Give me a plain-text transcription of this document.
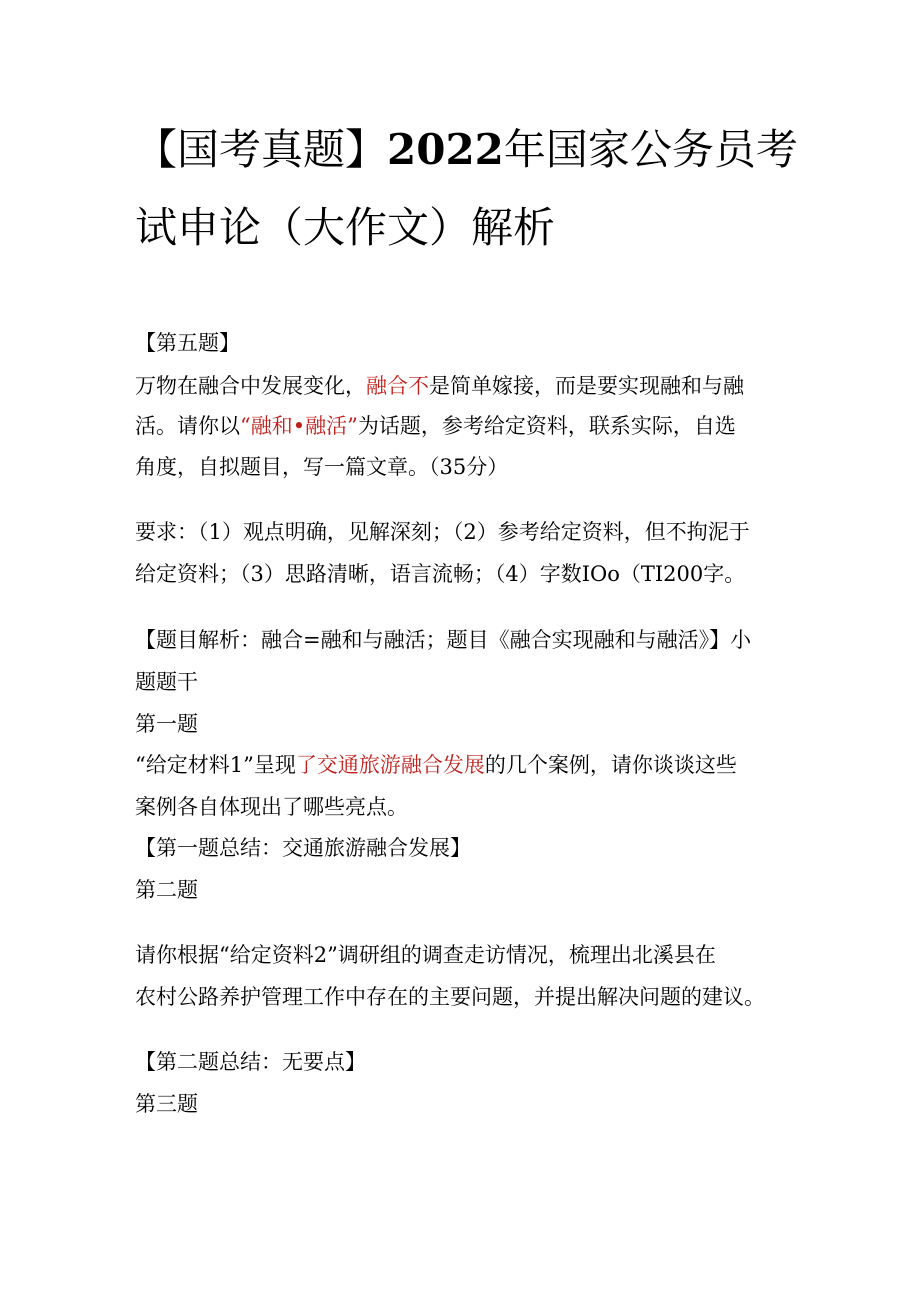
【国考真题】2022年国家公务员考
试申论（大作文）解析

【第五题】

万物在融合中发展变化，融合不是简单嫁接，而是要实现融和与融

活。请你以“融和•融活”为话题，参考给定资料，联系实际，自选

角度，自拟题目，写一篇文章。（35分）

要求：（1）观点明确，见解深刻；（2）参考给定资料，但不拘泥于

给定资料；（3）思路清晰，语言流畅；（4）字数IOo（TI200字。

【题目解析：融合=融和与融活；题目《融合实现融和与融活》】小

题题干

第一题

“给定材料1”呈现了交通旅游融合发展的几个案例，请你谈谈这些

案例各自体现出了哪些亮点。

【第一题总结：交通旅游融合发展】

第二题

请你根据“给定资料2”调研组的调查走访情况，梳理出北溪县在

农村公路养护管理工作中存在的主要问题，并提出解决问题的建议。

【第二题总结：无要点】

第三题
